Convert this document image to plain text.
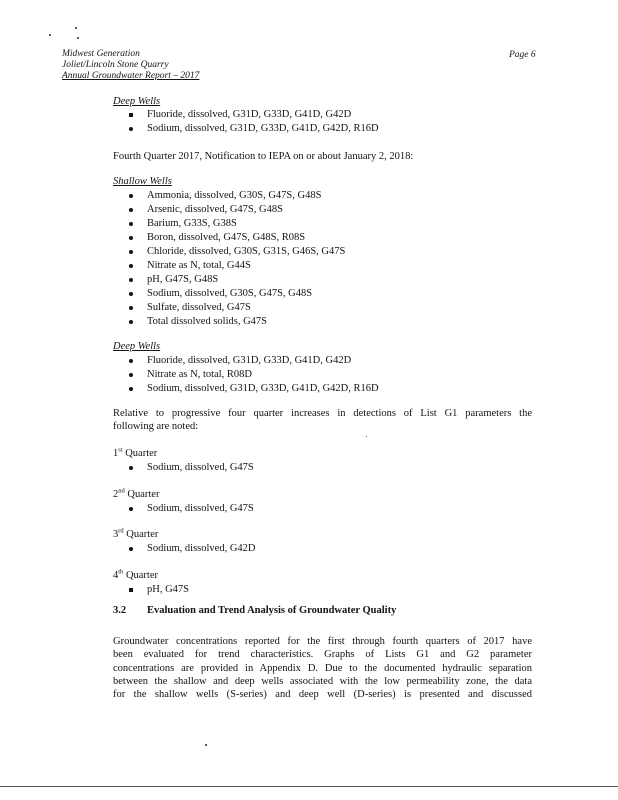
Midwest Generation
Joliet/Lincoln Stone Quarry
Annual Groundwater Report – 2017
Page 6
Deep Wells
Fluoride, dissolved, G31D, G33D, G41D, G42D
Sodium, dissolved, G31D, G33D, G41D, G42D, R16D
Fourth Quarter 2017, Notification to IEPA on or about January 2, 2018:
Shallow Wells
Ammonia, dissolved, G30S, G47S, G48S
Arsenic, dissolved, G47S, G48S
Barium, G33S, G38S
Boron, dissolved, G47S, G48S, R08S
Chloride, dissolved, G30S, G31S, G46S, G47S
Nitrate as N, total, G44S
pH, G47S, G48S
Sodium, dissolved, G30S, G47S, G48S
Sulfate, dissolved, G47S
Total dissolved solids, G47S
Deep Wells
Fluoride, dissolved, G31D, G33D, G41D, G42D
Nitrate as N, total, R08D
Sodium, dissolved, G31D, G33D, G41D, G42D, R16D
Relative to progressive four quarter increases in detections of List G1 parameters the
following are noted:
1st Quarter
Sodium, dissolved, G47S
2nd Quarter
Sodium, dissolved, G47S
3rd Quarter
Sodium, dissolved, G42D
4th Quarter
pH, G47S
3.2 Evaluation and Trend Analysis of Groundwater Quality
Groundwater concentrations reported for the first through fourth quarters of 2017 have
been evaluated for trend characteristics. Graphs of Lists G1 and G2 parameter
concentrations are provided in Appendix D. Due to the documented hydraulic separation
between the shallow and deep wells associated with the low permeability zone, the data
for the shallow wells (S-series) and deep well (D-series) is presented and discussed
